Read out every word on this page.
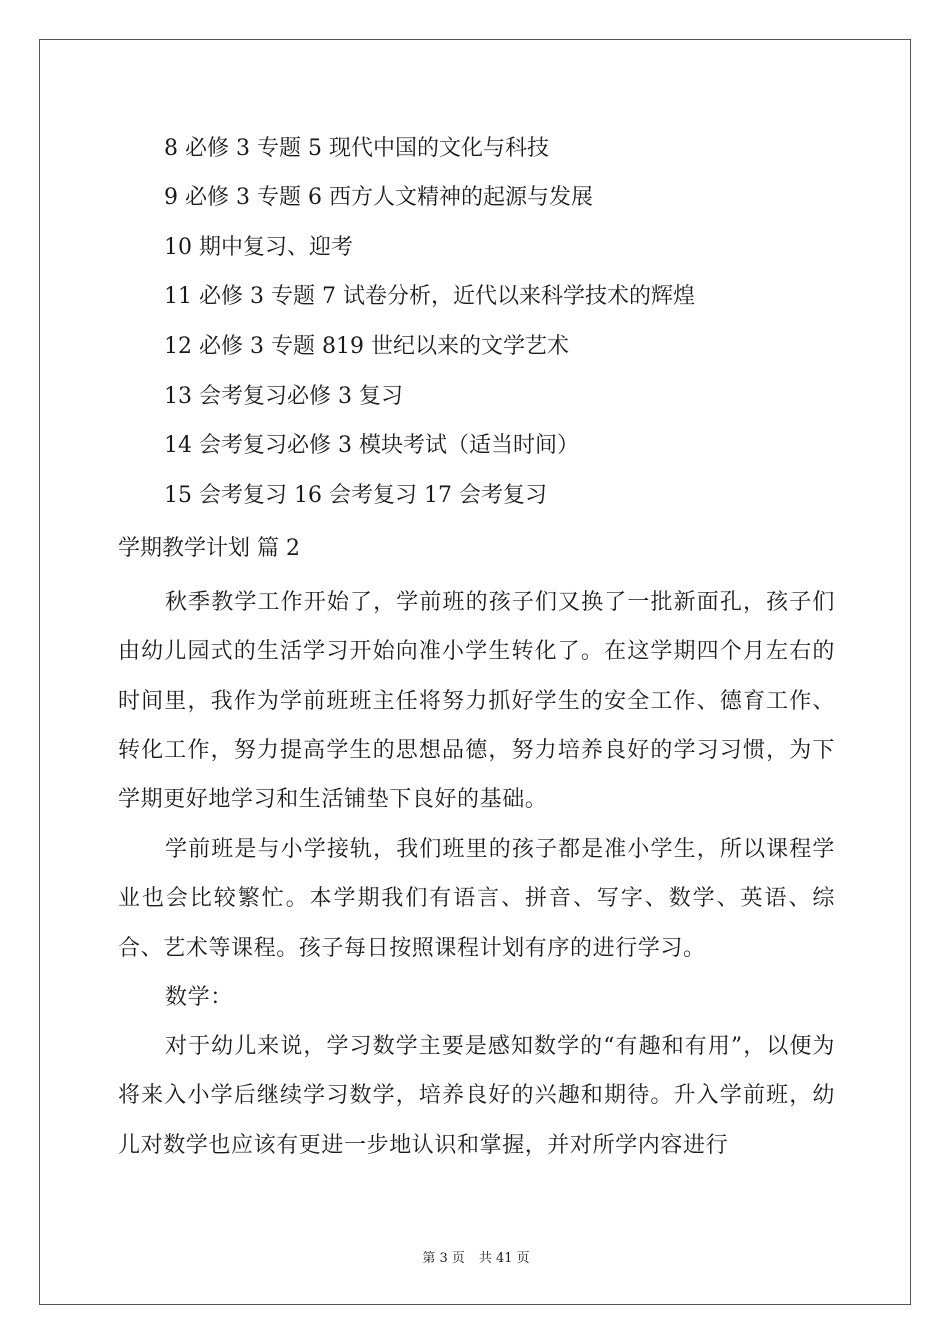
8 必修 3 专题 5 现代中国的文化与科技
9 必修 3 专题 6 西方人文精神的起源与发展
10 期中复习、迎考
11 必修 3 专题 7 试卷分析，近代以来科学技术的辉煌
12 必修 3 专题 819 世纪以来的文学艺术
13 会考复习必修 3 复习
14 会考复习必修 3 模块考试（适当时间）
15 会考复习 16 会考复习 17 会考复习
学期教学计划 篇 2
秋季教学工作开始了，学前班的孩子们又换了一批新面孔，孩子们由幼儿园式的生活学习开始向准小学生转化了。在这学期四个月左右的时间里，我作为学前班班主任将努力抓好学生的安全工作、德育工作、转化工作，努力提高学生的思想品德，努力培养良好的学习习惯，为下学期更好地学习和生活铺垫下良好的基础。
学前班是与小学接轨，我们班里的孩子都是准小学生，所以课程学业也会比较繁忙。本学期我们有语言、拼音、写字、数学、英语、综合、艺术等课程。孩子每日按照课程计划有序的进行学习。
数学：
对于幼儿来说，学习数学主要是感知数学的“有趣和有用”，以便为将来入小学后继续学习数学，培养良好的兴趣和期待。升入学前班，幼儿对数学也应该有更进一步地认识和掌握，并对所学内容进行
第 3 页 共 41 页
